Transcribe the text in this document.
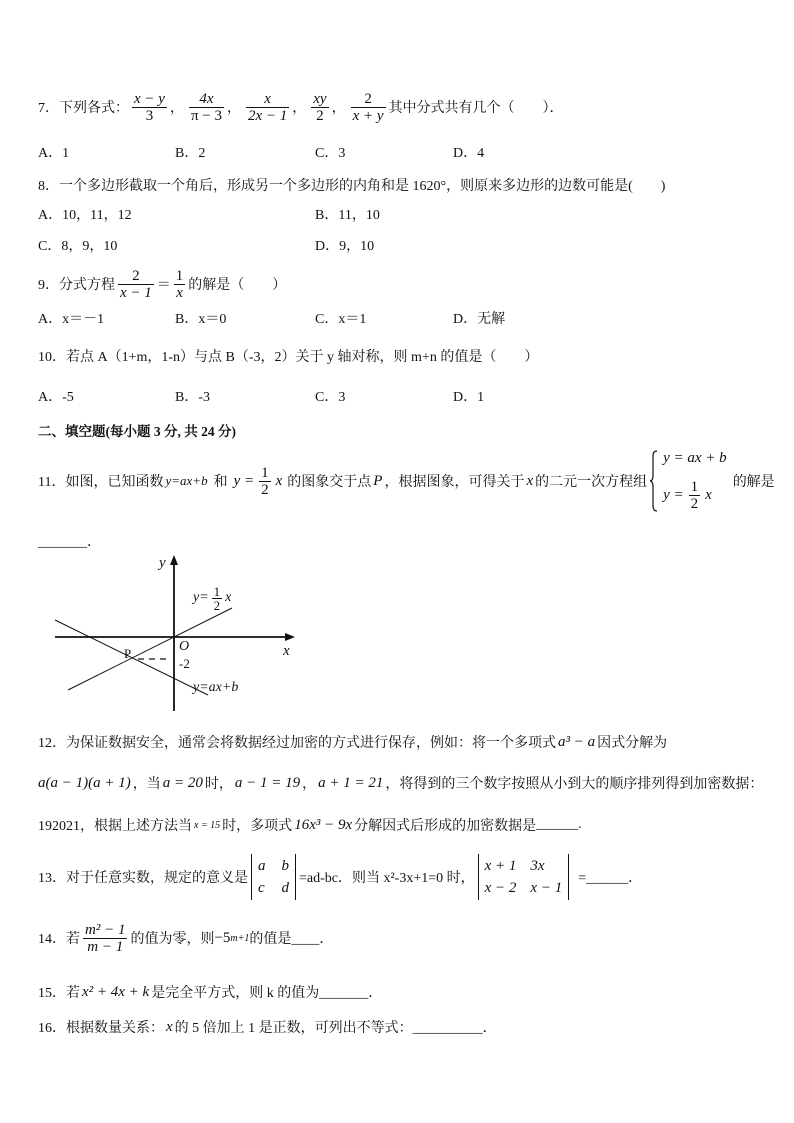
7．下列各式： $\frac{x - y}{3}$ ， $\frac{4x}{\pi - 3}$ ， $\frac{x}{2x - 1}$ ， $\frac{xy}{2}$ ， $\frac{2}{x + y}$ 其中分式共有几个（　　）．
A．1	B．2	C．3	D．4
8．一个多边形截取一个角后，形成另一个多边形的内角和是 1620°，则原来多边形的边数可能是(　　)
A．10，11，12	B．11，10
C．8，9，10	D．9，10
9．分式方程 $\frac{2}{x - 1} = \frac{1}{x}$ 的解是（　　）
A．x＝－1	B．x＝0	C．x＝1	D．无解
10．若点 A（1+m，1-n）与点 B（-3，2）关于 y 轴对称，则 m+n 的值是（　　）
A．-5	B．-3	C．3	D．1
二、填空题(每小题 3 分, 共 24 分)
11．如图，已知函数 y=ax+b 和 $y = \frac{1}{2}$ x 的图象交于点 P ，根据图象，可得关于 x 的二元一次方程组
y = ax + b
$y = \frac{1}{2}$ x
的解是
_______．
y
x
O
-2
P
$y= \frac{1}{2}$ x
y=ax+b
12．为保证数据安全，通常会将数据经过加密的方式进行保存，例如：将一个多项式 a³ − a 因式分解为
a(a − 1)(a + 1) ，当 a = 20 时， a − 1 = 19 ， a + 1 = 21 ，将得到的三个数字按照从小到大的顺序排列得到加密数据：
192021，根据上述方法当 x = 15 时，多项式 16x³ − 9x 分解因式后形成的加密数据是 ______.
13．对于任意实数，规定的意义是
a b
c d
=ad-bc．则当 x²-3x+1=0 时，
x + 1 3x
x − 2 x − 1
=______．
14．若 $\frac{\text{m² − 1}}{m - 1}$ 的值为零，则 −5 m+1 的值是 ____．
15．若 x² + 4x + k 是完全平方式，则 k 的值为 _______．
16．根据数量关系： x 的 5 倍加上 1 是正数，可列出不等式： __________．
